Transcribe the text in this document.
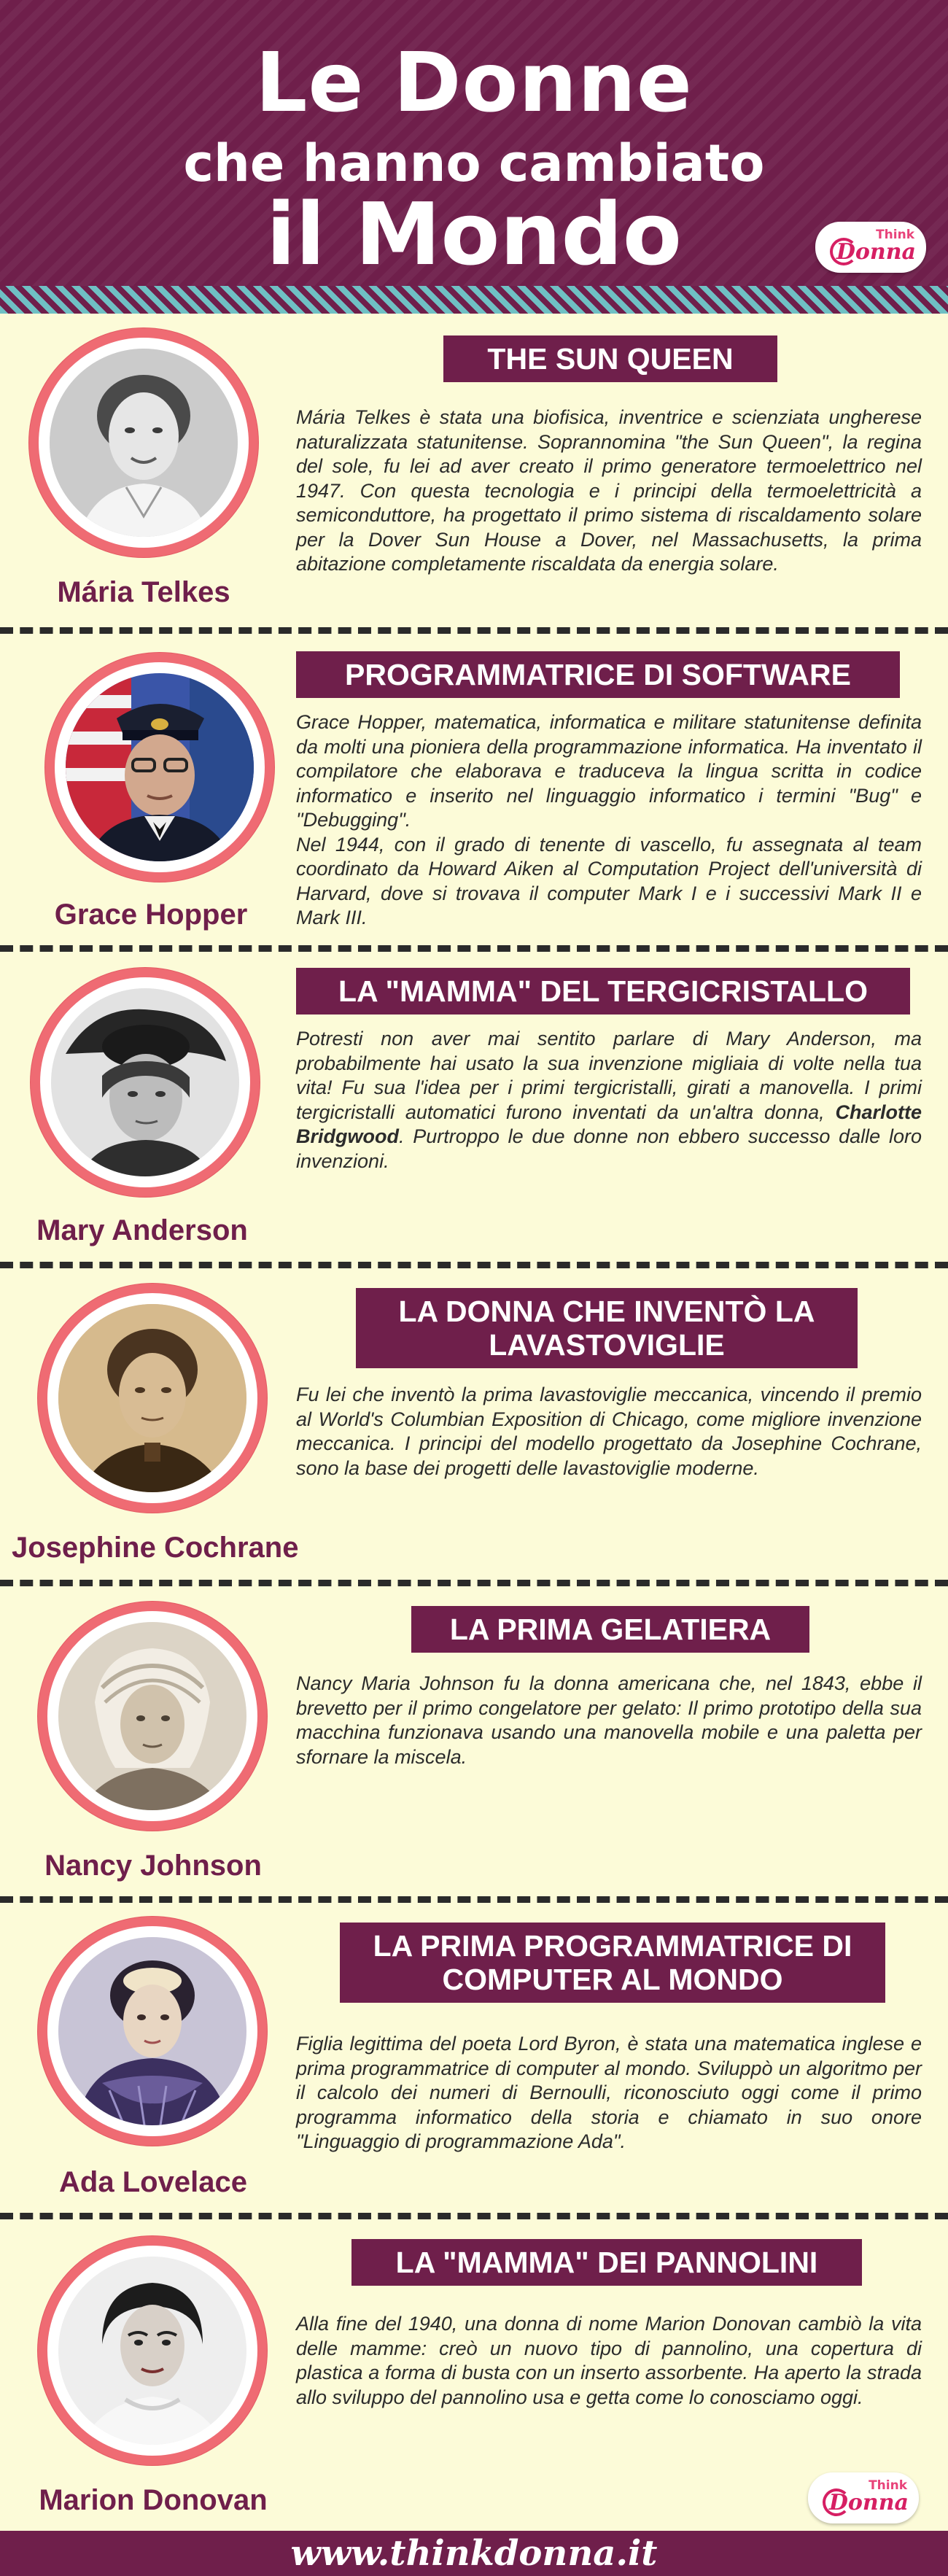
Le Donne
che hanno cambiato
il Mondo	Think
Donna
Mária Telkes
THE SUN QUEEN

Mária Telkes è stata una biofisica, inventrice e scienziata ungherese naturalizzata statunitense. Soprannomina "the Sun Queen", la regina del sole, fu lei ad aver creato il primo generatore termoelettrico nel 1947. Con questa tecnologia e i principi della termoelettricità a semiconduttore, ha progettato il primo sistema di riscaldamento solare per la Dover Sun House a Dover, nel Massachusetts, la prima abitazione completamente riscaldata da energia solare.

Grace Hopper
PROGRAMMATRICE DI SOFTWARE

Grace Hopper, matematica, informatica e militare statunitense definita da molti una pioniera della programmazione informatica. Ha inventato il compilatore che elaborava e traduceva la lingua scritta in codice informatico e inserito nel linguaggio informatico i termini "Bug" e "Debugging".

Nel 1944, con il grado di tenente di vascello, fu assegnata al team coordinato da Howard Aiken al Computation Project dell'università di Harvard, dove si trovava il computer Mark I e i successivi Mark II e Mark III.

Mary Anderson
LA "MAMMA" DEL TERGICRISTALLO

Potresti non aver mai sentito parlare di Mary Anderson, ma probabilmente hai usato la sua invenzione migliaia di volte nella tua vita! Fu sua l'idea per i primi tergicristalli, girati a manovella. I primi tergicristalli automatici furono inventati da un'altra donna, Charlotte Bridgwood. Purtroppo le due donne non ebbero successo dalle loro invenzioni.

Josephine Cochrane
LA DONNA CHE INVENTÒ LA LAVASTOVIGLIE

Fu lei che inventò la prima lavastoviglie meccanica, vincendo il premio al World's Columbian Exposition di Chicago, come migliore invenzione meccanica. I principi del modello progettato da Josephine Cochrane, sono la base dei progetti delle lavastoviglie moderne.

Nancy Johnson
LA PRIMA GELATIERA

Nancy Maria Johnson fu la donna americana che, nel 1843, ebbe il brevetto per il primo congelatore per gelato: Il primo prototipo della sua macchina funzionava usando una manovella mobile e una paletta per sfornare la miscela.

Ada Lovelace
LA PRIMA PROGRAMMATRICE DI COMPUTER AL MONDO

Figlia legittima del poeta Lord Byron, è stata una matematica inglese e prima programmatrice di computer al mondo. Sviluppò un algoritmo per il calcolo dei numeri di Bernoulli, riconosciuto oggi come il primo programma informatico della storia e chiamato in suo onore "Linguaggio di programmazione Ada".

Marion Donovan
LA "MAMMA" DEI PANNOLINI

Alla fine del 1940, una donna di nome Marion Donovan cambiò la vita delle mamme: creò un nuovo tipo di pannolino, una copertura di plastica a forma di busta con un inserto assorbente. Ha aperto la strada allo sviluppo del pannolino usa e getta come lo conosciamo oggi.

Think
Donna
www.thinkdonna.it
